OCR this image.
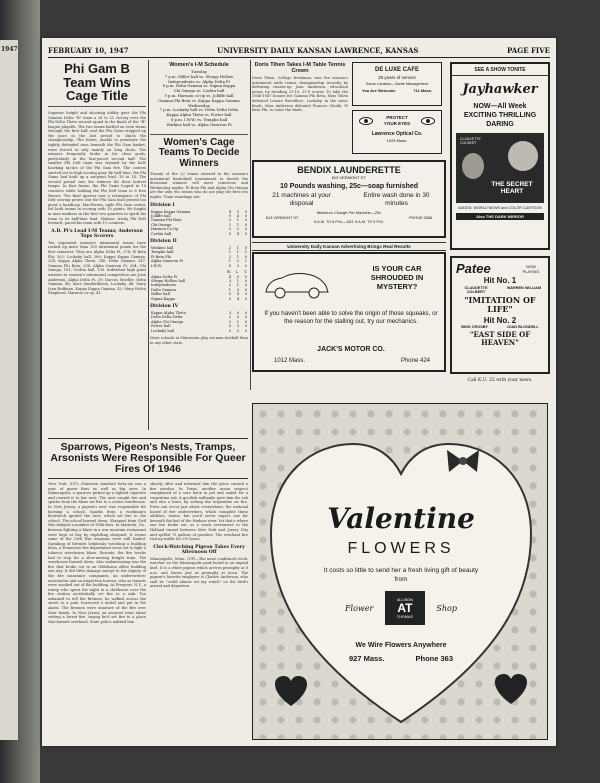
1947	FEBRUARY 10, 1947	UNIVERSITY DAILY KANSAN LAWRENCE, KANSAS	PAGE FIVE
Phi Gam B Team Wins Cage Title
Superior height and shooting ability gave the Phi Gamma Delta "B" team a 28 to 21 victory over the Phi Delta Theta second squad in the finals of the "B" league playoffs. The two teams battled on even terms through the first half, and the Phi Gams stepped up the pace in the last period to clinch the championship. The losers, unable to penetrate the tightly defended area beneath the Phi Gam basket, were forced to rely mainly on long shots. The winners frequently broke in for close goals, particularly in the fast-paced second half. The smaller Phi Delt team was stymied by the ball-hawking tactics of the Phi Gam five. The contest started out in high scoring gear. By half time, the Phi Gams had built up a six-point lead, 18 to 14. The second period saw the winners hit their hottest tempo. In that frame, the Phi Gams looped in 10 counters while holding the Phi Delt team to 6 free throws. The final quarter saw a resurgence of Phi Delt scoring power, but the Phi Gam lead proved too great a handicap. MacFerran, agile Phi Gam center, led both teams in scoring with 10 points. He fought in nine markers in the first two quarters to spark his team to its half-time lead. Holmes, tricky Phi Delt forward, paced his team with 11 counters.
A.D. Pi's Lead I-M Teams; Anderson Tops Scorers
Ten organized women's intramural teams have racked up more than 150 intramural points for the first semester. They are Alpha Delta Pi, 374; Pi Beta Phi, 302; Lockaby hall, 260; Kappa Kappa Gamma, 254; Kappa Alpha Theta, 240; Delta Gamma, 247; Gamma Phi Beta, 236; Alpha Omicron Pi, 204; Chi Omega, 181; Corbin hall, 159. Individual high point winners in women's intramural competition are Joan Anderson, Alpha Delta Pi, 29; Darcus Mueller, Delta Gamma, 46; Alice Sanderbloem, Lockaby, 46; Mary Jean Hoffman, Kappa Kappa Gamma, 42; Mary Helen Shepherd, Harmon co-op, 41.
Women's I-M Schedule
Tuesday
7 p.m. Miller hall vs. Sleepy Hollow
Independents vs. Alpha Delta Pi
8 p.m. Delta Gamma vs. Sigma Kappa
Chi Omega vs. Corbin hall
9 p.m. Harmon co-op vs. Jolliffe hall
Gamma Phi Beta vs. Kappa Kappa Gamma
Wednesday
7 p.m. Lockaby hall vs. Delta Delta Delta
Kappa Alpha Theta vs. Foster hall
8 p.m. I.W.W. vs. Templin hall
Watkins hall vs. Alpha Omicron Pi
Women's Cage Teams To Decide Winners
Twenty of the 22 teams entered in the women's intramural basketball tournament to decide the divisional winners will meet tomorrow and Wednesday nights. Pi Beta Phi and Alpha Chi Omega are the only two teams who do not play the first two nights. Team standings are:
Division I
Kappa Kappa Gamma	4	0	0
Jolliffe hall	0	4	0
Gamma Phi Beta	3	1	0
Chi Omega	2	1	0
Harmon Co-Op	2	2	0
Corbin hall	0	4	0
Division II
Watkins hall	2	1	0
Templin hall	1	1	1
Pi Beta Phi	2	1	0
Alpha Omicron Pi	1	2	1
I.W.W.	0	3	0
	W.	L.	T.
Alpha Delta Pi	4	0	0
Sleepy Hollow hall	3	1	0
Independents	2	1	0
Delta Gamma	1	3	0
Miller hall	0	4	0
Sigma Kappa	0	4	0
Division IV
Kappa Alpha Theta	3	0	0
Delta Delta Delta	2	0	0
Alpha Chi Omega	2	1	0
Foster hall	0	3	0
Lockaby hall	0	3	0
More schools in Minnesota play six-man football than in any other state.
Doris Tihen Takes I-M Table Tennis Crown
Doris Tihen, College freshman, won the women's intramural table tennis championship recently by defeating runner-up Joan Anderson, education junior, by deciding 21-10, 21-8 scores. To take the 1946-1947 honors for Gamma Phi Beta, Miss Tihen defeated Lenore Breedlove, Lockaby, in the semi-finals. Miss Anderson defeated Frances Chubb, Pi Beta Phi, to enter the finals.
Sparrows, Pigeon's Nests, Tramps, Arsonists Were Responsible For Queer Fires Of 1946
New York. (UP)—Nineteen hundred forty-six was a year of queer fires as well as big ones. In Minneapolis, a sparrow picked up a lighted cigarette and carried it to her nest. The nest caught fire and sparks from the blaze set fire to a cotton warehouse. In New Jersey, a pigeon's nest was responsible for burning a school. Sparks from a workman's blowtorch ignited the nest, which set fire to the school. The school burned down. Shrapnel from Civil War delayed a number of 1946 fires. In Marietta, Ga., firemen fighting a blaze in a war museum restaurant were kept at bay by exploding shrapnel. It seems some of the Civil War weapons were still loaded. Speaking of firemen helplessly watching a building burn, a Tennessee fire department went out to fight a tobacco warehouse blaze. Enroute, the fire trucks had to stop for a slow-moving freight train. The warehouse burned down. Also embarrassing was the fire that broke out in an Oklahoma office building one day. It did little damage except to the dignity of the fire insurance companies, an underwriters' association and an inspection bureau, who as tenants were smoked out of the building. At Freeport, N.Y., a tramp who spent the night in a clubhouse over the fire station accidentally set fire to a sofa. Too ashamed to tell the firemen, he walked across the street to a pole, borrowed a nickel and put in the alarm. The firemen were unaware of the fire over their heads. In New Jersey, an arsonist went about setting a forest fire, saying he'd set fire to a place that burned overhead. State police nabbed him
shortly after and informed him the place carried a fire warden. In Texas, another arson suspect complained of a sore back in jail and asked for a turpentine rub. A goodish nullinabe gave him the rub and also a burn, by setting the turpentine on fire. Fires can occur just about everywhere, the national board of fire underwriters, which compiled these oddities, warns, but you'd never expect one far beneath the bed of the Hudson river. Yet that's where one fire broke out, as a truck overturned in the Holland tunnel between New York and Jersey City and spilled 75 gallons of gasoline. The resultant fire tied up traffic for 2½ hours.
Clock-Watching Pigeon Takes Every Afternoon Off
Minneapolis, Minn. (UP)—The most confirmed clock-watcher on the Minneapolis park board is an unpaid bird. It is a white pigeon which arrives promptly at 8 a.m. and leaves just as promptly at noon. The pigeon's favorite employee is Charles Anderson, who said he "could almost set my watch" on the bird's arrival and departure.
DE LUXE CAFE
28 years of service
Same Location—Same Management
You Are Welcome	711 Mass.
PROTECT
YOUR EYES
Lawrence Optical Co.
1025 Mass.
BENDIX LAUNDERETTE
813 VERMONT ST.
10 Pounds washing, 25c—soap furnished
21 machines at your disposal
Entire wash done in 30 minutes
Minimum Charge Per Machine—25c
813 VERMONT ST.	PHONE 3368
8 A.M. TO 8 P.M.—SAT. 8 A.M. TO 5 P.M.
University Daily Kansan Advertising Brings Real Results
IS YOUR CAR SHROUDED IN MYSTERY?
If you haven't been able to solve the origin of those squeaks, or the reason for the stalling out, try our mechanics.
JACK'S MOTOR CO.
1012 Mass.	Phone 424
SEE A SHOW TONITE
Jayhawker
NOW—All Week
EXCITING THRILLING DARING
CLAUDETTE COLBERT
THE SECRET HEART
ADDED: WORLD NEWS and COLOR CARTOON
Also THE DARK MIRROR
Patee	NOW PLAYING
Hit No. 1
CLAUDETTE COLBERT
WARREN WILLIAM
"IMITATION OF LIFE"
Hit No. 2
BING CROSBY	JOAN BLONDELL
"EAST SIDE OF HEAVEN"
Call K.U. 25 with your news.
Valentine
FLOWERS
It costs so little to send her a fresh living gift of beauty from
Flower
ALLISON
AT
THOMAS
Shop
We Wire Flowers Anywhere
927 Mass.	Phone 363
